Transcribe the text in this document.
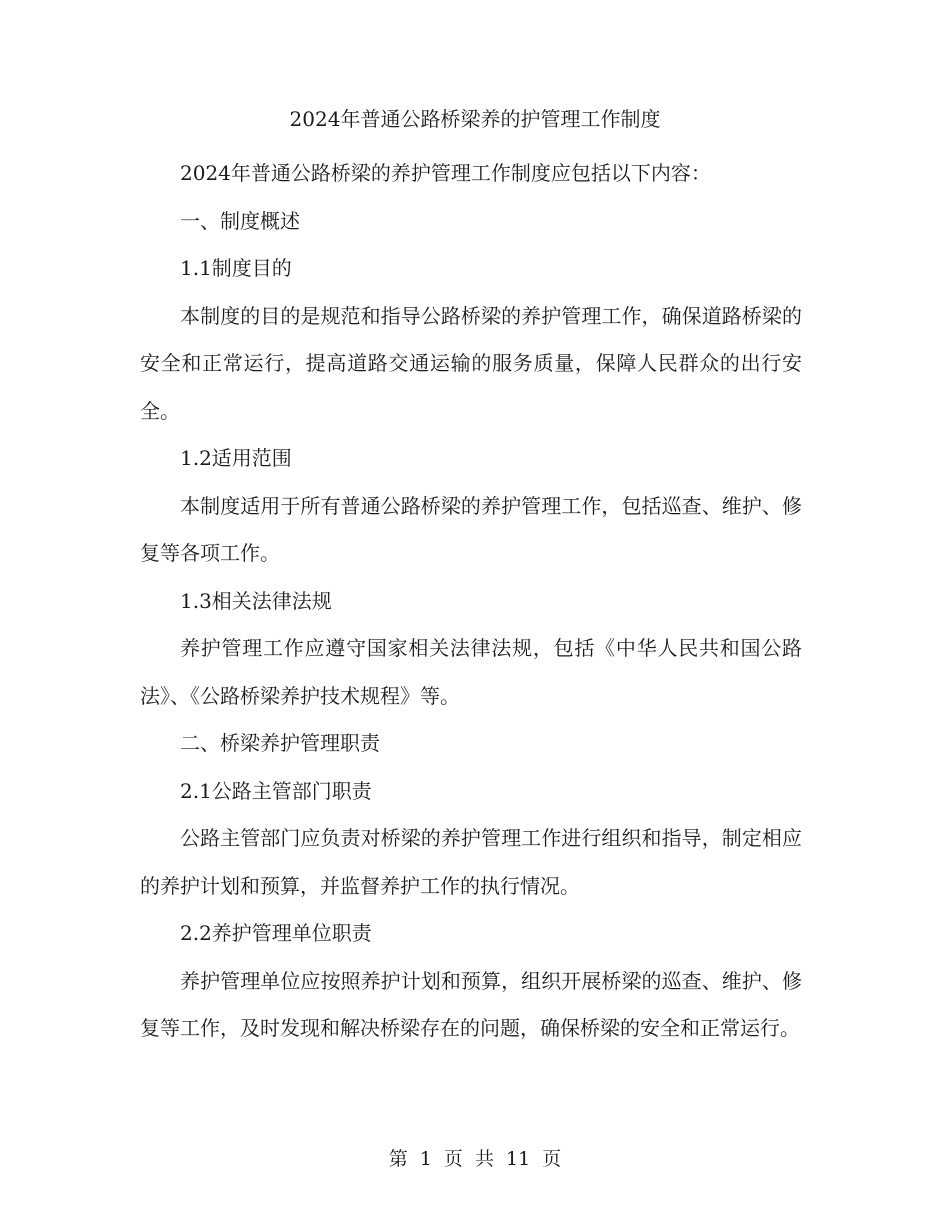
2024年普通公路桥梁养的护管理工作制度

2024年普通公路桥梁的养护管理工作制度应包括以下内容：

一、制度概述

1.1制度目的

本制度的目的是规范和指导公路桥梁的养护管理工作，确保道路桥梁的安全和正常运行，提高道路交通运输的服务质量，保障人民群众的出行安全。

1.2适用范围

本制度适用于所有普通公路桥梁的养护管理工作，包括巡查、维护、修复等各项工作。

1.3相关法律法规

养护管理工作应遵守国家相关法律法规，包括《中华人民共和国公路法》、《公路桥梁养护技术规程》等。

二、桥梁养护管理职责

2.1公路主管部门职责

公路主管部门应负责对桥梁的养护管理工作进行组织和指导，制定相应的养护计划和预算，并监督养护工作的执行情况。

2.2养护管理单位职责

养护管理单位应按照养护计划和预算，组织开展桥梁的巡查、维护、修复等工作，及时发现和解决桥梁存在的问题，确保桥梁的安全和正常运行。

第 1 页 共 11 页
